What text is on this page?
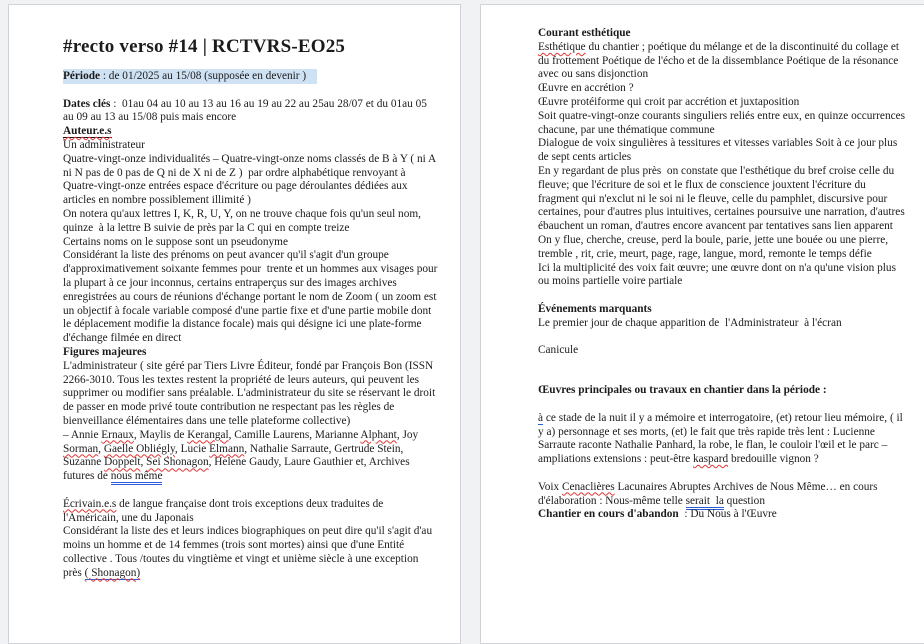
#recto verso #14 | RCTVRS-EO25
Période : de 01/2025 au 15/08 (supposée en devenir )
Dates clés :  01au 04 au 10 au 13 au 16 au 19 au 22 au 25au 28/07 et du 01au 05 au 09 au 13 au 15/08 puis mais encore
Auteur.e.s
Un administrateur
Quatre-vingt-onze individualités – Quatre-vingt-onze noms classés de B à Y ( ni A ni N pas de 0 pas de Q ni de X ni de Z )  par ordre alphabétique renvoyant à Quatre-vingt-onze entrées espace d'écriture ou page déroulantes dédiées aux articles en nombre possiblement illimité )
On notera qu'aux lettres I, K, R, U, Y, on ne trouve chaque fois qu'un seul nom, quinze  à la lettre B suivie de près par la C qui en compte treize
Certains noms on le suppose sont un pseudonyme
Considérant la liste des prénoms on peut avancer qu'il s'agit d'un groupe d'approximativement soixante femmes pour  trente et un hommes aux visages pour la plupart à ce jour inconnus, certains entraperçus sur des images archives enregistrées au cours de réunions d'échange portant le nom de Zoom ( un zoom est un objectif à focale variable composé d'une partie fixe et d'une partie mobile dont le déplacement modifie la distance focale) mais qui désigne ici une plate-forme d'échange filmée en direct
Figures majeures
L'administrateur ( site géré par Tiers Livre Éditeur, fondé par François Bon (ISSN 2266-3010. Tous les textes restent la propriété de leurs auteurs, qui peuvent les supprimer ou modifier sans préalable. L'administrateur du site se réservant le droit de passer en mode privé toute contribution ne respectant pas les règles de bienveillance élémentaires dans une telle plateforme collective)
– Annie Ernaux, Maylis de Kerangal, Camille Laurens, Marianne Alphant, Joy Sorman, Gaelle Obliégly, Lucie Elmann, Nathalie Sarraute, Gertrude Stein, Suzanne Doppelt, Sei Shonagon, Helene Gaudy, Laure Gauthier et, Archives futures de nous même
Écrivain.e.s de langue française dont trois exceptions deux traduites de l'Américain, une du Japonais
Considérant la liste des et leurs indices biographiques on peut dire qu'il s'agit d'au moins un homme et de 14 femmes (trois sont mortes) ainsi que d'une Entité collective . Tous /toutes du vingtième et vingt et unième siècle à une exception près ( Shonagon)
Courant esthétique
Esthétique du chantier ; poétique du mélange et de la discontinuité du collage et du frottement Poétique de l'écho et de la dissemblance Poétique de la résonance avec ou sans disjonction
Œuvre en accrétion ?
Œuvre protéiforme qui croit par accrétion et juxtaposition
Soit quatre-vingt-onze courants singuliers reliés entre eux, en quinze occurrences chacune, par une thématique commune
Dialogue de voix singulières à tessitures et vitesses variables Soit à ce jour plus de sept cents articles
En y regardant de plus près  on constate que l'esthétique du bref croise celle du fleuve; que l'écriture de soi et le flux de conscience jouxtent l'écriture du fragment qui n'exclut ni le soi ni le fleuve, celle du pamphlet, discursive pour certaines, pour d'autres plus intuitives, certaines poursuive une narration, d'autres ébauchent un roman, d'autres encore avancent par tentatives sans lien apparent
On y flue, cherche, creuse, perd la boule, parie, jette une bouée ou une pierre, tremble , rit, crie, meurt, page, rage, langue, mord, remonte le temps défie
Ici la multiplicité des voix fait œuvre; une œuvre dont on n'a qu'une vision plus ou moins partielle voire partiale
Événements marquants
Le premier jour de chaque apparition de  l'Administrateur  à l'écran
Canicule
Œuvres principales ou travaux en chantier dans la période :
à ce stade de la nuit il y a mémoire et interrogatoire, (et) retour lieu mémoire, ( il y a) personnage et ses morts, (et) le fait que très rapide très lent : Lucienne Sarraute raconte Nathalie Panhard, la robe, le flan, le couloir l'œil et le parc – ampliations extensions : peut-être kaspard bredouille vignon ?
Voix Cenaclières Lacunaires Abruptes Archives de Nous Même… en cours d'élaboration : Nous-même telle serait  la question
Chantier en cours d'abandon  : Du Nous à l'Œuvre
